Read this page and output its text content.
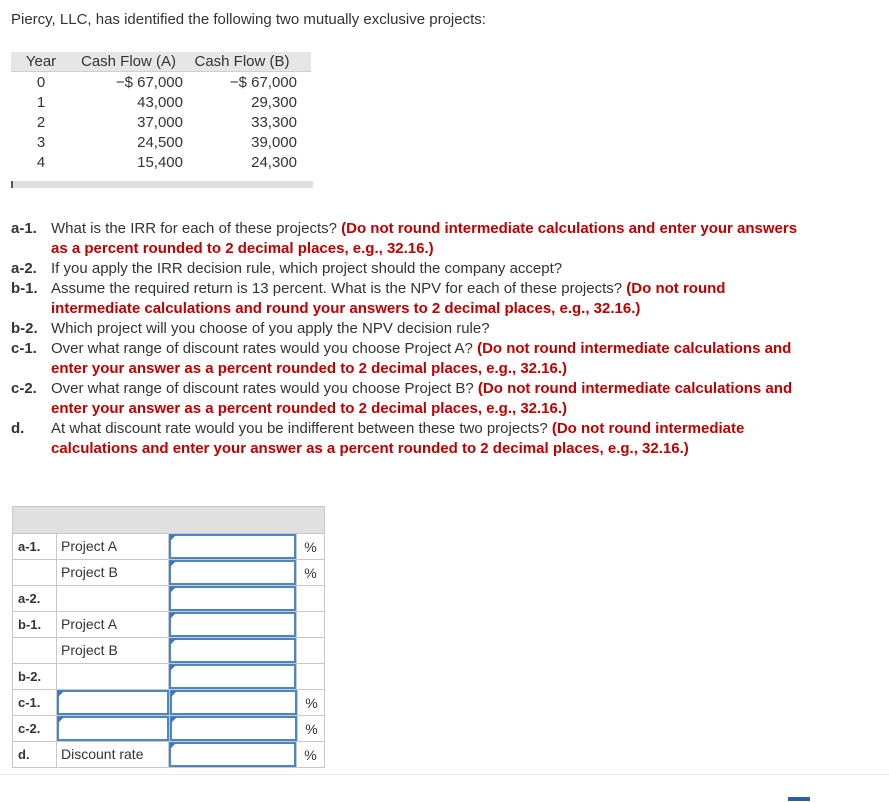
Piercy, LLC, has identified the following two mutually exclusive projects:
Year	Cash Flow (A)	Cash Flow (B)
0	−$ 67,000	−$ 67,000
1	43,000	29,300
2	37,000	33,300
3	24,500	39,000
4	15,400	24,300
a-1. What is the IRR for each of these projects? (Do not round intermediate calculations and enter your answers as a percent rounded to 2 decimal places, e.g., 32.16.)
a-2. If you apply the IRR decision rule, which project should the company accept?
b-1. Assume the required return is 13 percent. What is the NPV for each of these projects? (Do not round intermediate calculations and round your answers to 2 decimal places, e.g., 32.16.)
b-2. Which project will you choose of you apply the NPV decision rule?
c-1. Over what range of discount rates would you choose Project A? (Do not round intermediate calculations and enter your answer as a percent rounded to 2 decimal places, e.g., 32.16.)
c-2. Over what range of discount rates would you choose Project B? (Do not round intermediate calculations and enter your answer as a percent rounded to 2 decimal places, e.g., 32.16.)
d.	At what discount rate would you be indifferent between these two projects? (Do not round intermediate calculations and enter your answer as a percent rounded to 2 decimal places, e.g., 32.16.)
a-1.	Project A	%
Project B	%
a-2.
b-1.	Project A
Project B
b-2.
c-1.	%
c-2.	%
d.	Discount rate	%
